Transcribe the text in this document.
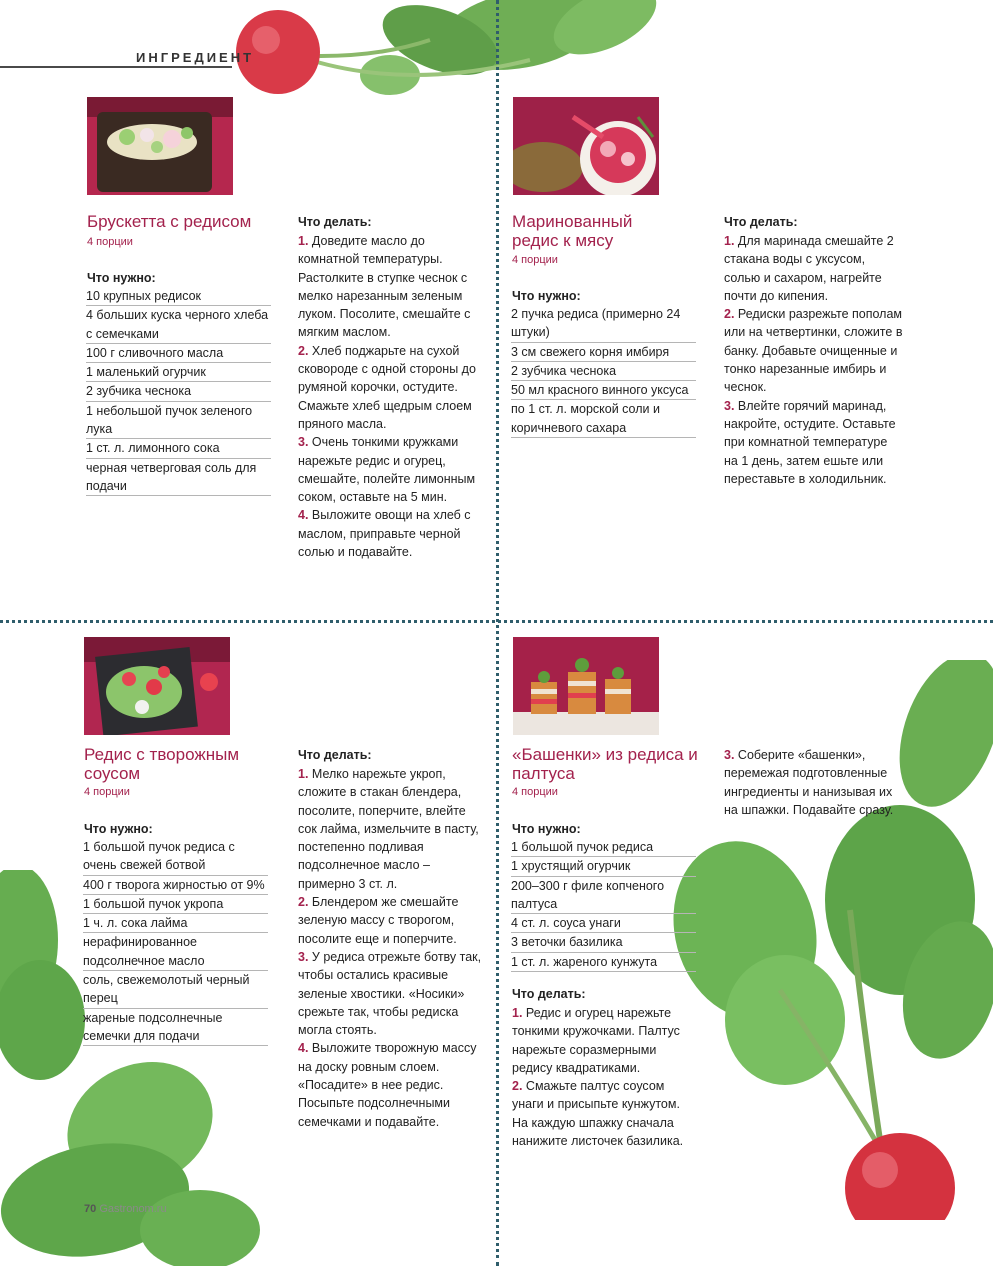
ИНГРЕДИЕНТ
Брускетта с редисом
4 порции
Что нужно:
10 крупных редисок
4 больших куска черного хлеба с семечками
100 г сливочного масла
1 маленький огурчик
2 зубчика чеснока
1 небольшой пучок зеленого лука
1 ст. л. лимонного сока
черная четверговая соль для подачи
Что делать:

1. Доведите масло до комнатной температуры. Растолките в ступке чеснок с мелко нарезанным зеленым луком. Посолите, смешайте с мягким маслом.

2. Хлеб поджарьте на сухой сковороде с одной стороны до румяной корочки, остудите. Смажьте хлеб щедрым слоем пряного масла.

3. Очень тонкими кружками нарежьте редис и огурец, смешайте, полейте лимонным соком, оставьте на 5 мин.

4. Выложите овощи на хлеб с маслом, приправьте черной солью и подавайте.

Маринованный редис к мясу
4 порции
Что нужно:
2 пучка редиса (примерно 24 штуки)
3 см свежего корня имбиря
2 зубчика чеснока
50 мл красного винного уксуса
по 1 ст. л. морской соли и коричневого сахара
Что делать:

1. Для маринада смешайте 2 стакана воды с уксусом, солью и сахаром, нагрейте почти до кипения.

2. Редиски разрежьте пополам или на четвертинки, сложите в банку. Добавьте очищенные и тонко нарезанные имбирь и чеснок.

3. Влейте горячий маринад, накройте, остудите. Оставьте при комнатной температуре на 1 день, затем ешьте или переставьте в холодильник.

Редис с творожным соусом
4 порции
Что нужно:
1 большой пучок редиса с очень свежей ботвой
400 г творога жирностью от 9%
1 большой пучок укропа
1 ч. л. сока лайма
нерафинированное подсолнечное масло
соль, свежемолотый черный перец
жареные подсолнечные семечки для подачи
Что делать:

1. Мелко нарежьте укроп, сложите в стакан блендера, посолите, поперчите, влейте сок лайма, измельчите в пасту, постепенно подливая подсолнечное масло – примерно 3 ст. л.

2. Блендером же смешайте зеленую массу с творогом, посолите еще и поперчите.

3. У редиса отрежьте ботву так, чтобы остались красивые зеленые хвостики. «Носики» срежьте так, чтобы редиска могла стоять.

4. Выложите творожную массу на доску ровным слоем. «Посадите» в нее редис. Посыпьте подсолнечными семечками и подавайте.

«Башенки» из редиса и палтуса
4 порции
Что нужно:
1 большой пучок редиса
1 хрустящий огурчик
200–300 г филе копченого палтуса
4 ст. л. соуса унаги
3 веточки базилика
1 ст. л. жареного кунжута
Что делать:

1. Редис и огурец нарежьте тонкими кружочками. Палтус нарежьте соразмерными редису квадратиками.

2. Смажьте палтус соусом унаги и присыпьте кунжутом. На каждую шпажку сначала нанижите листочек базилика.

3. Соберите «башенки», перемежая подготовленные ингредиенты и нанизывая их на шпажки. Подавайте сразу.

70 Gastronom.ru
